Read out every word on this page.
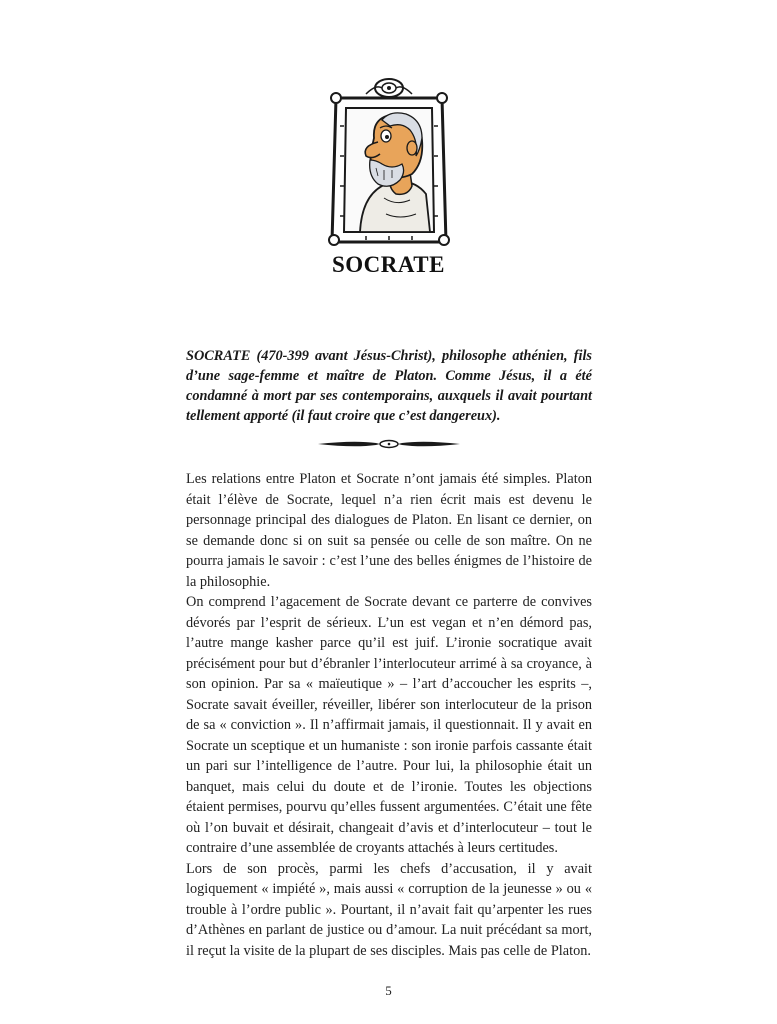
SOCRATE
SOCRATE (470-399 avant Jésus-Christ), philosophe athénien, fils d’une sage-femme et maître de Platon. Comme Jésus, il a été condamné à mort par ses contemporains, auxquels il avait pourtant tellement apporté (il faut croire que c’est dangereux).

Les relations entre Platon et Socrate n’ont jamais été simples. Platon était l’élève de Socrate, lequel n’a rien écrit mais est devenu le personnage principal des dialogues de Platon. En lisant ce dernier, on se demande donc si on suit sa pensée ou celle de son maître. On ne pourra jamais le savoir : c’est l’une des belles énigmes de l’histoire de la philosophie.

On comprend l’agacement de Socrate devant ce parterre de convives dévorés par l’esprit de sérieux. L’un est vegan et n’en démord pas, l’autre mange kasher parce qu’il est juif. L’ironie socratique avait précisément pour but d’ébranler l’interlocuteur arrimé à sa croyance, à son opinion. Par sa « maïeutique » – l’art d’accoucher les esprits –, Socrate savait éveiller, réveiller, libérer son interlocuteur de la prison de sa « conviction ». Il n’affirmait jamais, il questionnait. Il y avait en Socrate un sceptique et un humaniste : son ironie parfois cassante était un pari sur l’intelligence de l’autre. Pour lui, la philosophie était un banquet, mais celui du doute et de l’ironie. Toutes les objections étaient permises, pourvu qu’elles fussent argumentées. C’était une fête où l’on buvait et désirait, changeait d’avis et d’interlocuteur – tout le contraire d’une assemblée de croyants attachés à leurs certitudes.

Lors de son procès, parmi les chefs d’accusation, il y avait logiquement « impiété », mais aussi « corruption de la jeunesse » ou « trouble à l’ordre public ». Pourtant, il n’avait fait qu’arpenter les rues d’Athènes en parlant de justice ou d’amour. La nuit précédant sa mort, il reçut la visite de la plupart de ses disciples. Mais pas celle de Platon.

5
